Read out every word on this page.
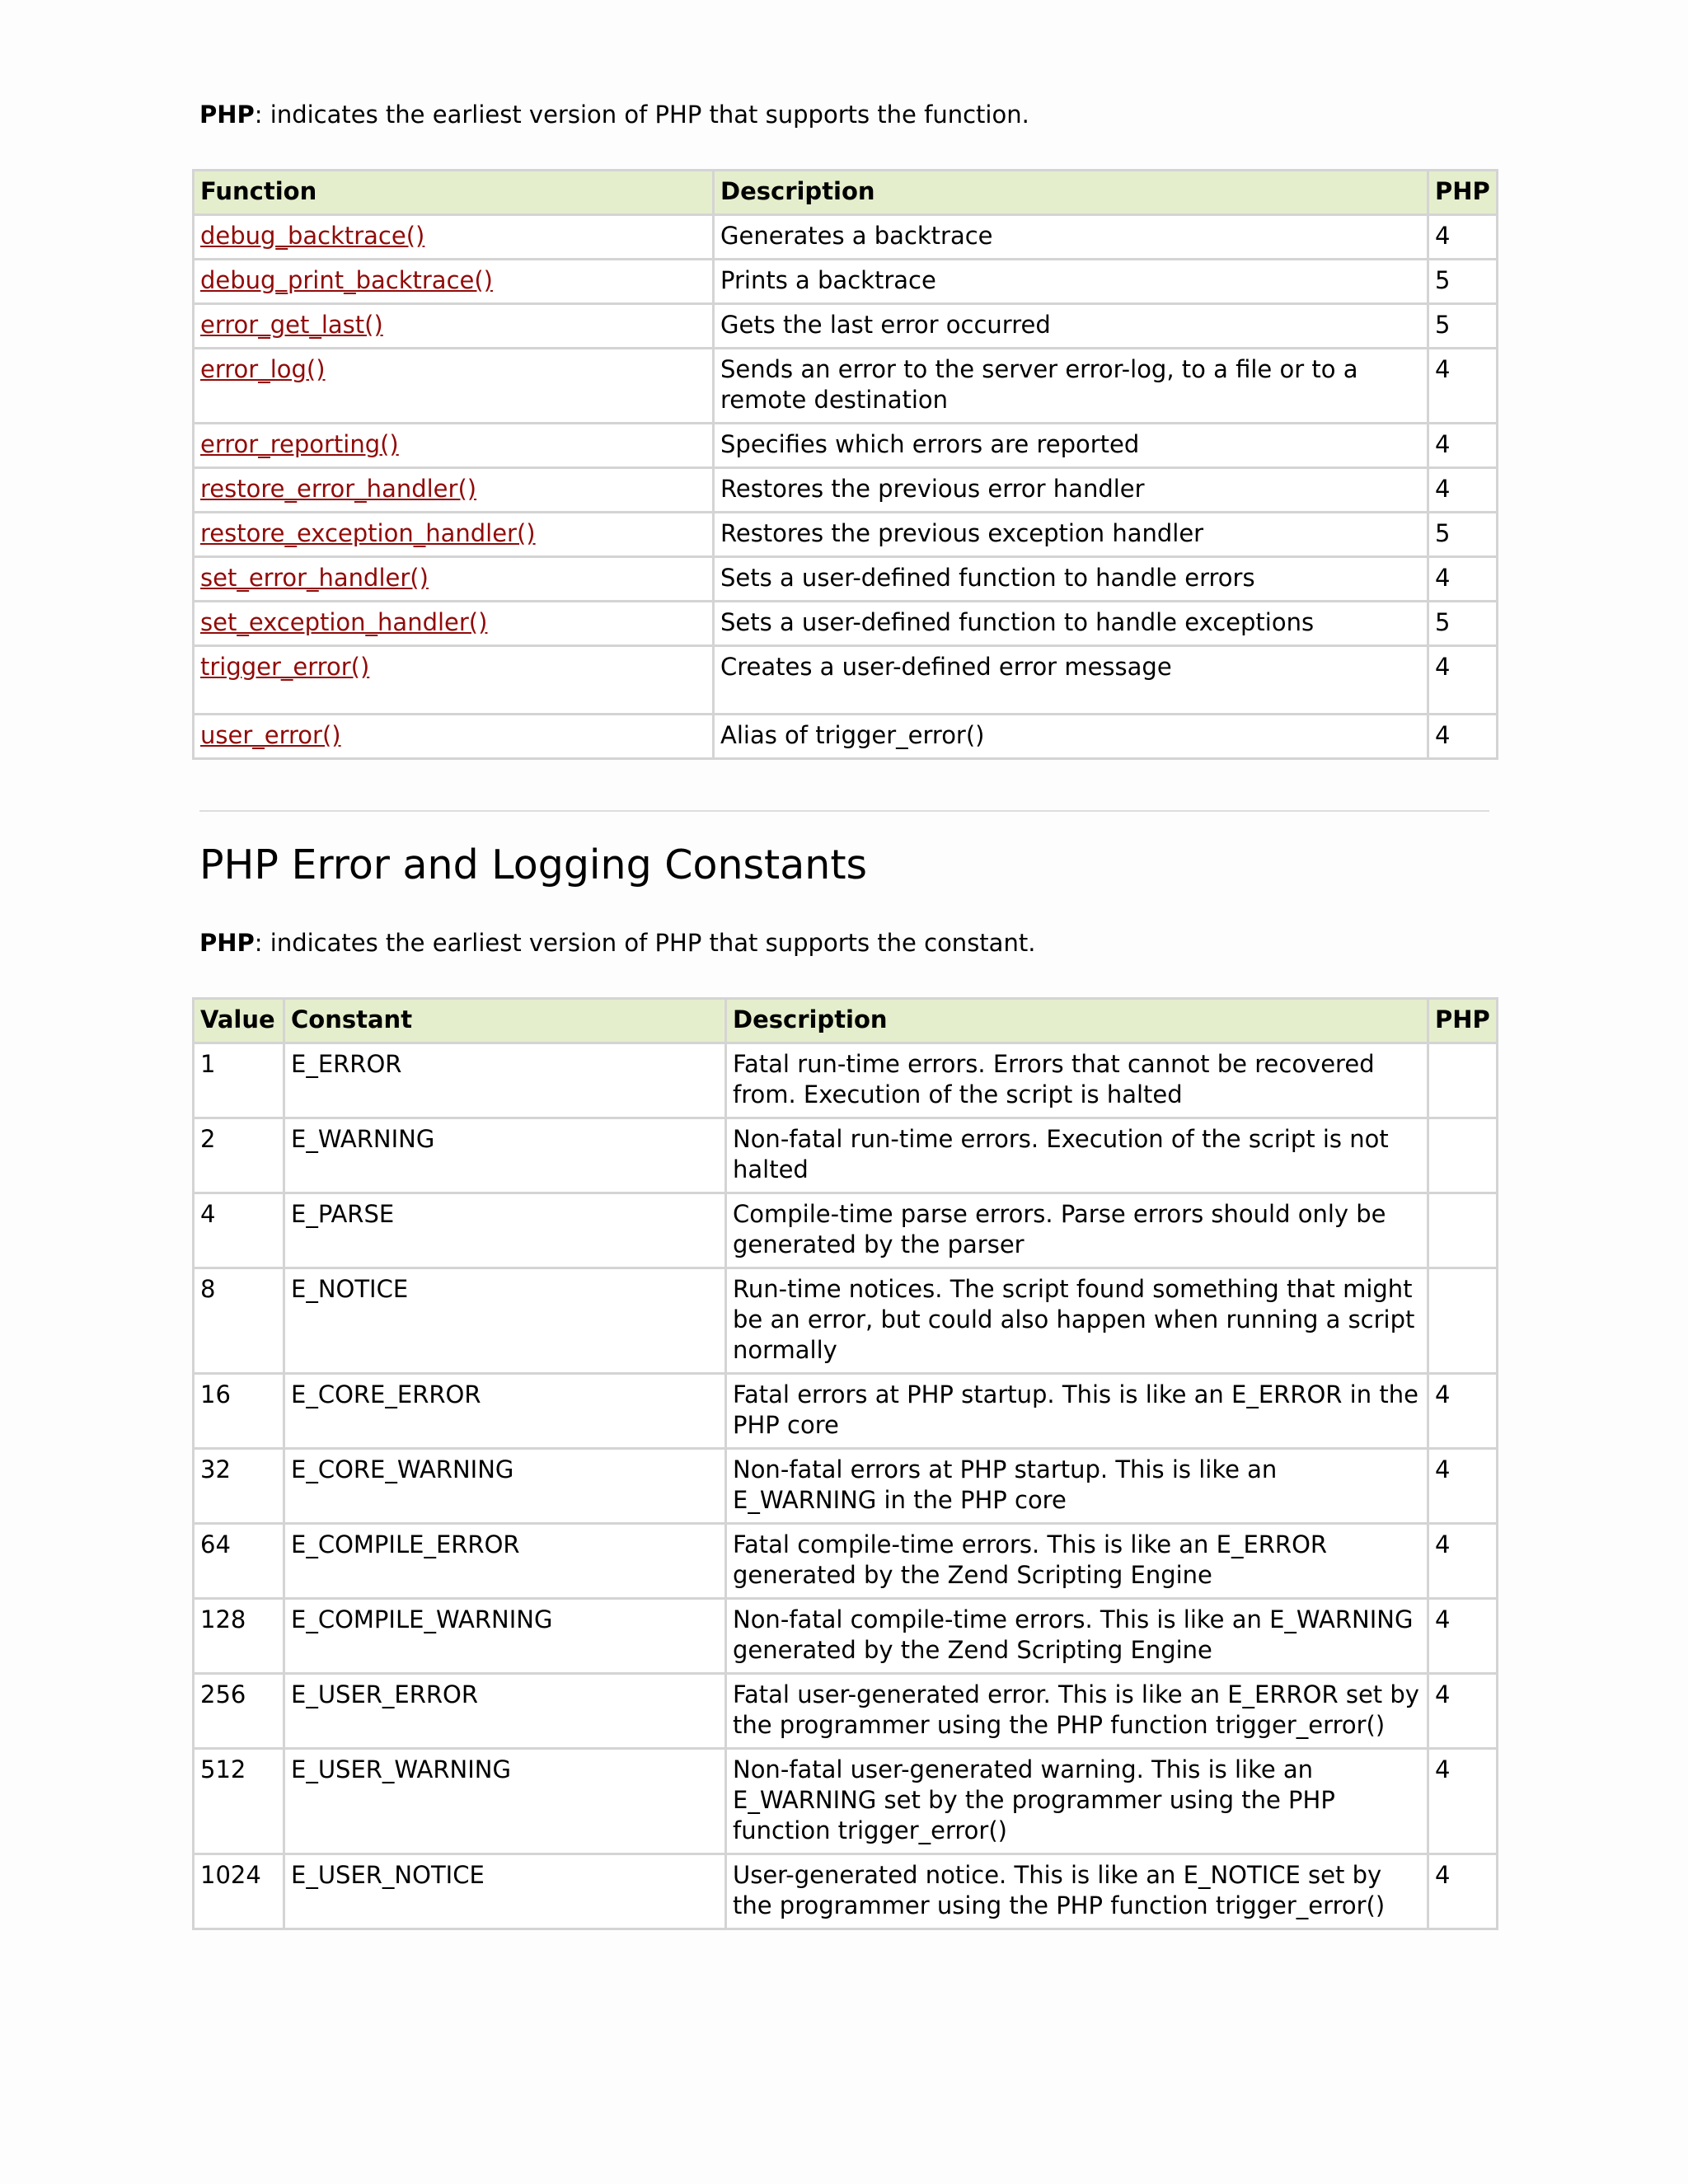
PHP: indicates the earliest version of PHP that supports the function.

Function	Description	PHP
debug_backtrace()	Generates a backtrace	4
debug_print_backtrace()	Prints a backtrace	5
error_get_last()	Gets the last error occurred	5
error_log()	Sends an error to the server error-log, to a file or to a remote destination	4
error_reporting()	Specifies which errors are reported	4
restore_error_handler()	Restores the previous error handler	4
restore_exception_handler()	Restores the previous exception handler	5
set_error_handler()	Sets a user-defined function to handle errors	4
set_exception_handler()	Sets a user-defined function to handle exceptions	5
trigger_error()	Creates a user-defined error message	4
user_error()	Alias of trigger_error()	4
PHP Error and Logging Constants

PHP: indicates the earliest version of PHP that supports the constant.

Value	Constant	Description	PHP
1	E_ERROR	Fatal run-time errors. Errors that cannot be recovered from. Execution of the script is halted	
2	E_WARNING	Non-fatal run-time errors. Execution of the script is not halted	
4	E_PARSE	Compile-time parse errors. Parse errors should only be generated by the parser	
8	E_NOTICE	Run-time notices. The script found something that might be an error, but could also happen when running a script normally	
16	E_CORE_ERROR	Fatal errors at PHP startup. This is like an E_ERROR in the PHP core	4
32	E_CORE_WARNING	Non-fatal errors at PHP startup. This is like an E_WARNING in the PHP core	4
64	E_COMPILE_ERROR	Fatal compile-time errors. This is like an E_ERROR generated by the Zend Scripting Engine	4
128	E_COMPILE_WARNING	Non-fatal compile-time errors. This is like an E_WARNING generated by the Zend Scripting Engine	4
256	E_USER_ERROR	Fatal user-generated error. This is like an E_ERROR set by the programmer using the PHP function trigger_error()	4
512	E_USER_WARNING	Non-fatal user-generated warning. This is like an E_WARNING set by the programmer using the PHP function trigger_error()	4
1024	E_USER_NOTICE	User-generated notice. This is like an E_NOTICE set by the programmer using the PHP function trigger_error()	4
